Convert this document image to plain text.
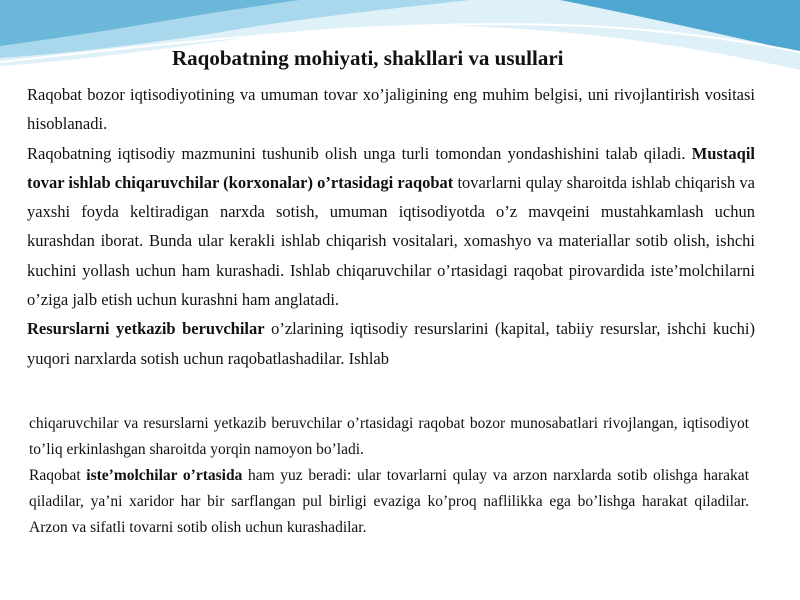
Raqobatning mohiyati, shakllari va usullari

Raqobat bozor iqtisodiyotining va umuman tovar xo’jaligining eng muhim belgisi, uni rivojlantirish vositasi hisoblanadi.

Raqobatning iqtisodiy mazmunini tushunib olish unga turli tomondan yondashishini talab qiladi. Mustaqil tovar ishlab chiqaruvchilar (korxonalar) o’rtasidagi raqobat tovarlarni qulay sharoitda ishlab chiqarish va yaxshi foyda keltiradigan narxda sotish, umuman iqtisodiyotda o’z mavqeini mustahkamlash uchun kurashdan iborat. Bunda ular kerakli ishlab chiqarish vositalari, xomashyo va materiallar sotib olish, ishchi kuchini yollash uchun ham kurashadi. Ishlab chiqaruvchilar o’rtasidagi raqobat pirovardida iste’molchilarni o’ziga jalb etish uchun kurashni ham anglatadi.

Resurslarni yetkazib beruvchilar o’zlarining iqtisodiy resurslarini (kapital, tabiiy resurslar, ishchi kuchi) yuqori narxlarda sotish uchun raqobatlashadilar. Ishlab

chiqaruvchilar va resurslarni yetkazib beruvchilar o’rtasidagi raqobat bozor munosabatlari rivojlangan, iqtisodiyot to’liq erkinlashgan sharoitda yorqin namoyon bo’ladi.

Raqobat iste’molchilar o’rtasida ham yuz beradi: ular tovarlarni qulay va arzon narxlarda sotib olishga harakat qiladilar, ya’ni xaridor har bir sarflangan pul birligi evaziga ko’proq naflilikka ega bo’lishga harakat qiladilar. Arzon va sifatli tovarni sotib olish uchun kurashadilar.
